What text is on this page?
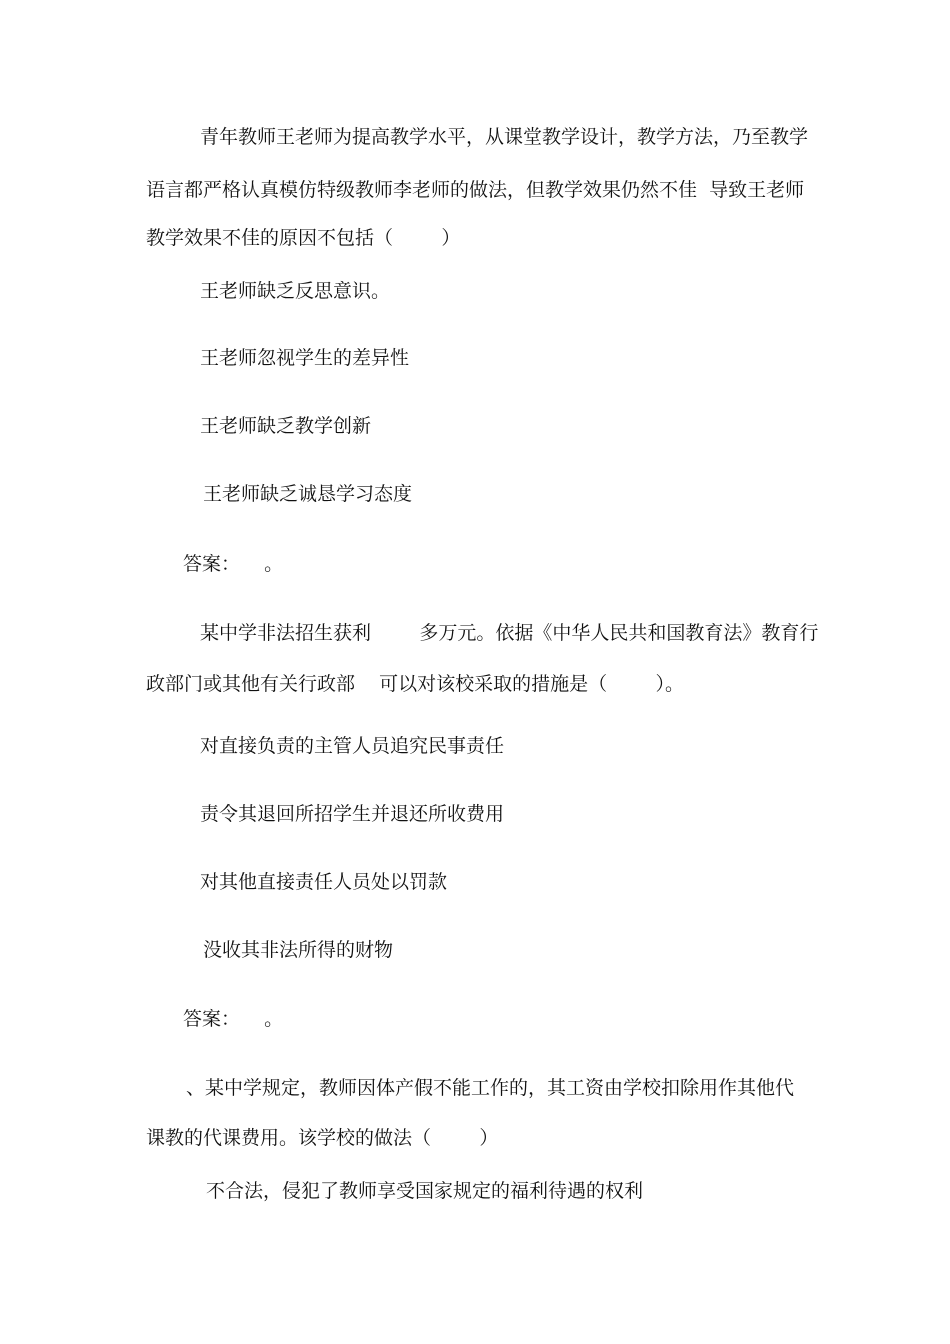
青年教师王老师为提高教学水平，从课堂教学设计，教学方法，乃至教学
语言都严格认真模仿特级教师李老师的做法，但教学效果仍然不佳  导致王老师
教学效果不佳的原因不包括（        ）
王老师缺乏反思意识。
王老师忽视学生的差异性
王老师缺乏教学创新
王老师缺乏诚恳学习态度
答案：    。
某中学非法招生获利        多万元。依据《中华人民共和国教育法》教育行
政部门或其他有关行政部    可以对该校采取的措施是（        ）。
对直接负责的主管人员追究民事责任
责令其退回所招学生并退还所收费用
对其他直接责任人员处以罚款
没收其非法所得的财物
答案：    。
、某中学规定，教师因体产假不能工作的，其工资由学校扣除用作其他代
课教的代课费用。该学校的做法（        ）
不合法，侵犯了教师享受国家规定的福利待遇的权利
